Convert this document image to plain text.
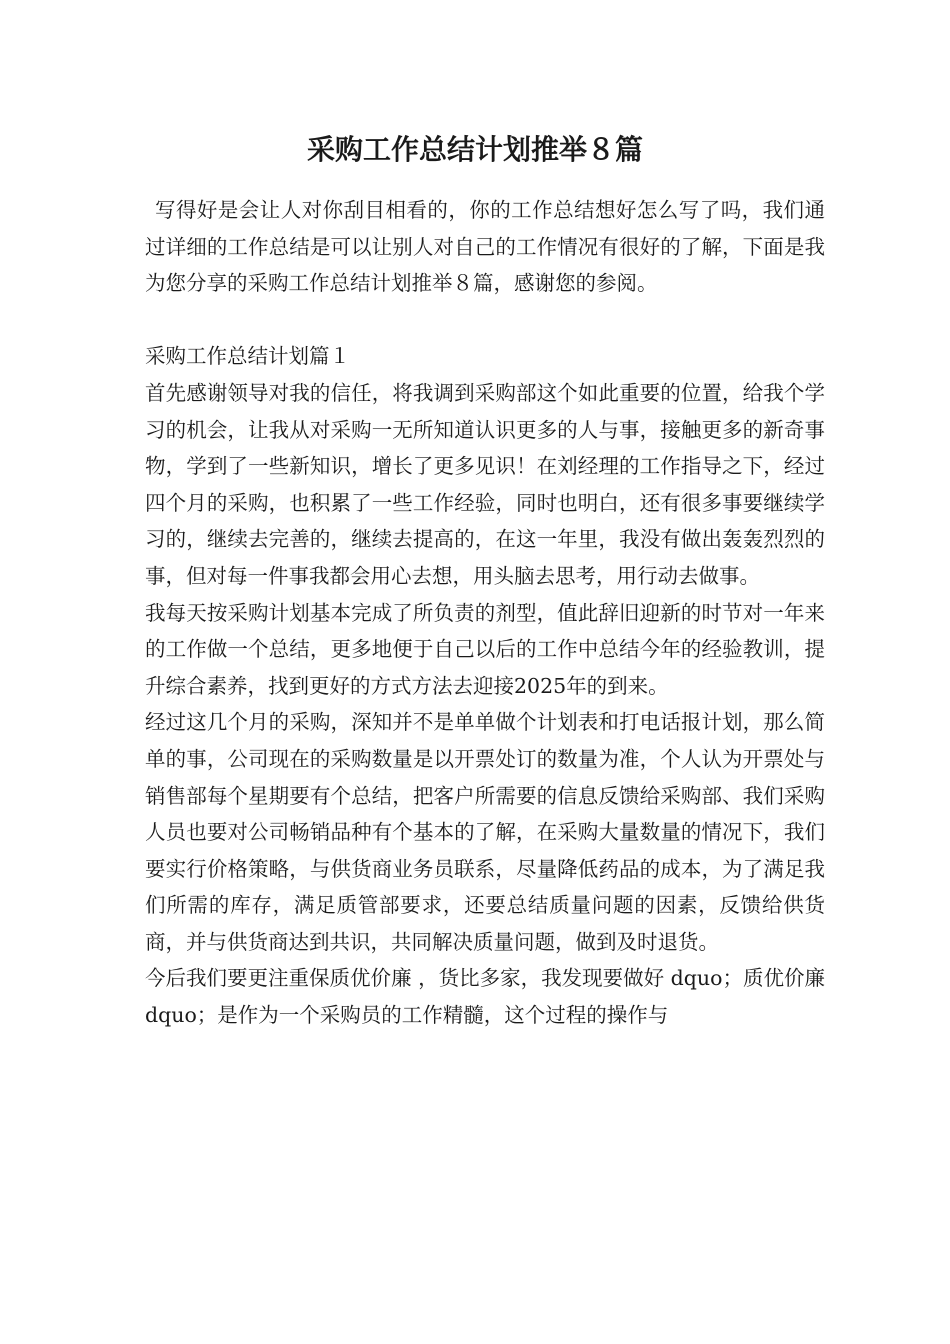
采购工作总结计划推举８篇

写得好是会让人对你刮目相看的，你的工作总结想好怎么写了吗，我们通过详细的工作总结是可以让别人对自己的工作情况有很好的了解，下面是我为您分享的采购工作总结计划推举８篇，感谢您的参阅。

采购工作总结计划篇１

首先感谢领导对我的信任，将我调到采购部这个如此重要的位置，给我个学习的机会，让我从对采购一无所知道认识更多的人与事，接触更多的新奇事物，学到了一些新知识，增长了更多见识！在刘经理的工作指导之下，经过四个月的采购，也积累了一些工作经验，同时也明白，还有很多事要继续学习的，继续去完善的，继续去提高的，在这一年里，我没有做出轰轰烈烈的事，但对每一件事我都会用心去想，用头脑去思考，用行动去做事。

我每天按采购计划基本完成了所负责的剂型，值此辞旧迎新的时节对一年来的工作做一个总结，更多地便于自己以后的工作中总结今年的经验教训，提升综合素养，找到更好的方式方法去迎接2025年的到来。

经过这几个月的采购，深知并不是单单做个计划表和打电话报计划，那么简单的事，公司现在的采购数量是以开票处订的数量为准，个人认为开票处与销售部每个星期要有个总结，把客户所需要的信息反馈给采购部、我们采购人员也要对公司畅销品种有个基本的了解，在采购大量数量的情况下，我们要实行价格策略，与供货商业务员联系，尽量降低药品的成本，为了满足我们所需的库存，满足质管部要求，还要总结质量问题的因素，反馈给供货商，并与供货商达到共识，共同解决质量问题，做到及时退货。

今后我们要更注重保质优价廉 ，货比多家，我发现要做好 dquo；质优价廉 dquo；是作为一个采购员的工作精髓，这个过程的操作与
